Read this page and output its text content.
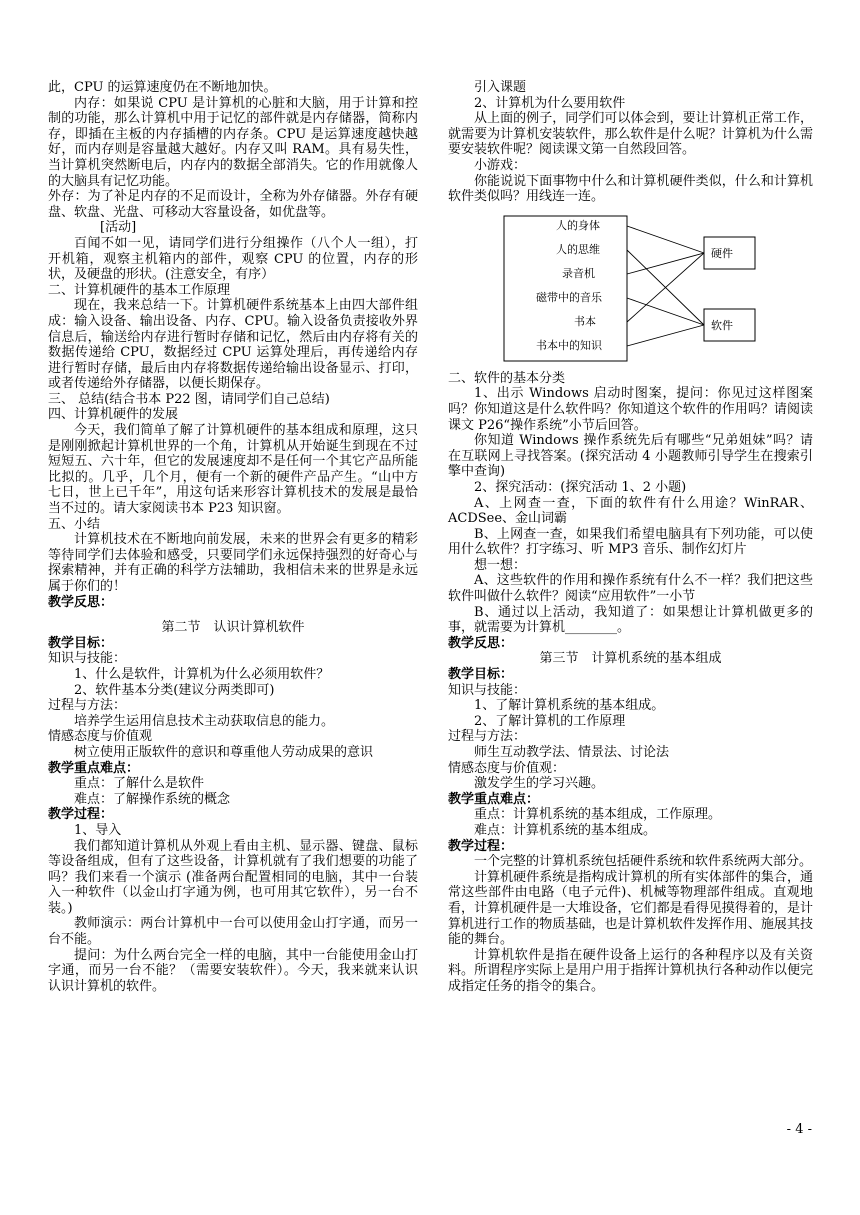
此，CPU 的运算速度仍在不断地加快。

内存：如果说 CPU 是计算机的心脏和大脑，用于计算和控制的功能，那么计算机中用于记忆的部件就是内存储器，简称内存，即插在主板的内存插槽的内存条。CPU 是运算速度越快越好，而内存则是容量越大越好。内存又叫 RAM。具有易失性，当计算机突然断电后，内存内的数据全部消失。它的作用就像人的大脑具有记忆功能。

外存：为了补足内存的不足而设计，全称为外存储器。外存有硬盘、软盘、光盘、可移动大容量设备，如优盘等。

[活动]

百闻不如一见，请同学们进行分组操作（八个人一组），打开机箱，观察主机箱内的部件，观察 CPU 的位置，内存的形状，及硬盘的形状。(注意安全，有序）

二、计算机硬件的基本工作原理

现在，我来总结一下。计算机硬件系统基本上由四大部件组成：输入设备、输出设备、内存、CPU。输入设备负责接收外界信息后，输送给内存进行暂时存储和记忆，然后由内存将有关的数据传递给 CPU，数据经过 CPU 运算处理后，再传递给内存进行暂时存储，最后由内存将数据传递给输出设备显示、打印，或者传递给外存储器，以便长期保存。

三、 总结(结合书本 P22 图，请同学们自己总结)

四、计算机硬件的发展

今天，我们简单了解了计算机硬件的基本组成和原理，这只是刚刚掀起计算机世界的一个角，计算机从开始诞生到现在不过短短五、六十年，但它的发展速度却不是任何一个其它产品所能比拟的。几乎，几个月，便有一个新的硬件产品产生。“山中方七日，世上已千年”，用这句话来形容计算机技术的发展是最恰当不过的。请大家阅读书本 P23 知识窗。

五、小结

计算机技术在不断地向前发展，未来的世界会有更多的精彩等待同学们去体验和感受，只要同学们永远保持强烈的好奇心与探索精神，并有正确的科学方法辅助，我相信未来的世界是永远属于你们的！

教学反思：

第二节　认识计算机软件

教学目标：

知识与技能：

1、什么是软件，计算机为什么必须用软件？

2、软件基本分类(建议分两类即可)

过程与方法：

培养学生运用信息技术主动获取信息的能力。

情感态度与价值观

树立使用正版软件的意识和尊重他人劳动成果的意识

教学重点难点：

重点：了解什么是软件

难点：了解操作系统的概念

教学过程：

1、导入

我们都知道计算机从外观上看由主机、显示器、键盘、鼠标等设备组成，但有了这些设备，计算机就有了我们想要的功能了吗？我们来看一个演示 (准备两台配置相同的电脑，其中一台装入一种软件（以金山打字通为例，也可用其它软件），另一台不装。)

教师演示：两台计算机中一台可以使用金山打字通，而另一台不能。

提问：为什么两台完全一样的电脑，其中一台能使用金山打字通，而另一台不能？（需要安装软件）。今天，我来就来认识认识计算机的软件。

引入课题

2、计算机为什么要用软件

从上面的例子，同学们可以体会到，要让计算机正常工作，就需要为计算机安装软件，那么软件是什么呢？计算机为什么需要安装软件呢？阅读课文第一自然段回答。

小游戏：

你能说说下面事物中什么和计算机硬件类似，什么和计算机软件类似吗？用线连一连。

人的身体
人的思维
录音机
磁带中的音乐
书本
书本中的知识
硬件
软件

二、软件的基本分类

1、出示 Windows 启动时图案，提问：你见过这样图案吗？你知道这是什么软件吗？你知道这个软件的作用吗？请阅读课文 P26“操作系统”小节后回答。

你知道 Windows 操作系统先后有哪些“兄弟姐妹”吗？请在互联网上寻找答案。(探究活动 4 小题教师引导学生在搜索引擎中查询)

2、探究活动：(探究活动 1、2 小题)

A、上网查一查，下面的软件有什么用途？WinRAR、ACDSee、金山词霸

B、上网查一查，如果我们希望电脑具有下列功能，可以使用什么软件？打字练习、听 MP3 音乐、制作幻灯片

想一想：

A、这些软件的作用和操作系统有什么不一样？我们把这些软件叫做什么软件？阅读“应用软件”一小节

B、通过以上活动，我知道了：如果想让计算机做更多的事，就需要为计算机________。

教学反思：

第三节　计算机系统的基本组成

教学目标：

知识与技能：

1、了解计算机系统的基本组成。

2、了解计算机的工作原理

过程与方法：

师生互动教学法、情景法、讨论法

情感态度与价值观：

激发学生的学习兴趣。

教学重点难点：

重点：计算机系统的基本组成，工作原理。

难点：计算机系统的基本组成。

教学过程：

一个完整的计算机系统包括硬件系统和软件系统两大部分。

计算机硬件系统是指构成计算机的所有实体部件的集合，通常这些部件由电路（电子元件)、机械等物理部件组成。直观地看，计算机硬件是一大堆设备，它们都是看得见摸得着的，是计算机进行工作的物质基础，也是计算机软件发挥作用、施展其技能的舞台。

计算机软件是指在硬件设备上运行的各种程序以及有关资料。所谓程序实际上是用户用于指挥计算机执行各种动作以便完成指定任务的指令的集合。

- 4 -
